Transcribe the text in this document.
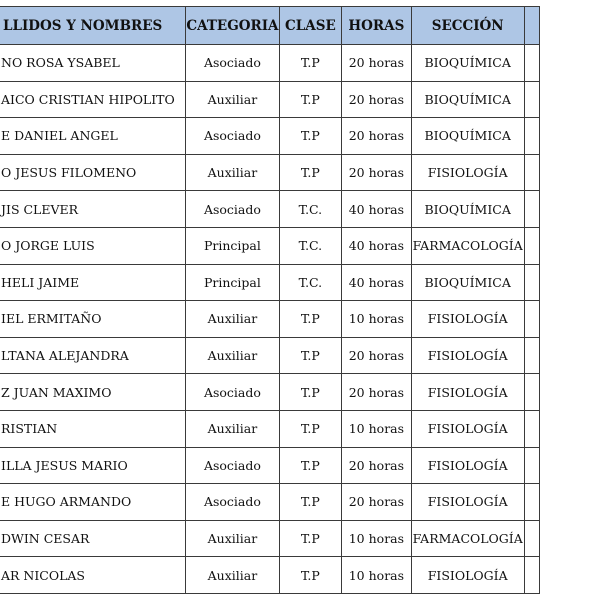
LLIDOS Y NOMBRES	CATEGORIA	CLASE	HORAS	SECCIÓN	
NO ROSA YSABEL	Asociado	T.P	20 horas	BIOQUÍMICA	
AICO CRISTIAN HIPOLITO	Auxiliar	T.P	20 horas	BIOQUÍMICA	
E DANIEL ANGEL	Asociado	T.P	20 horas	BIOQUÍMICA	
O JESUS FILOMENO	Auxiliar	T.P	20 horas	FISIOLOGÍA	
JIS CLEVER	Asociado	T.C.	40 horas	BIOQUÍMICA	
O JORGE LUIS	Principal	T.C.	40 horas	FARMACOLOGÍA	
HELI JAIME	Principal	T.C.	40 horas	BIOQUÍMICA	
IEL ERMITAÑO	Auxiliar	T.P	10 horas	FISIOLOGÍA	
LTANA ALEJANDRA	Auxiliar	T.P	20 horas	FISIOLOGÍA	
Z JUAN MAXIMO	Asociado	T.P	20 horas	FISIOLOGÍA	
RISTIAN	Auxiliar	T.P	10 horas	FISIOLOGÍA	
ILLA JESUS MARIO	Asociado	T.P	20 horas	FISIOLOGÍA	
E HUGO ARMANDO	Asociado	T.P	20 horas	FISIOLOGÍA	
DWIN CESAR	Auxiliar	T.P	10 horas	FARMACOLOGÍA	
AR NICOLAS	Auxiliar	T.P	10 horas	FISIOLOGÍA	
